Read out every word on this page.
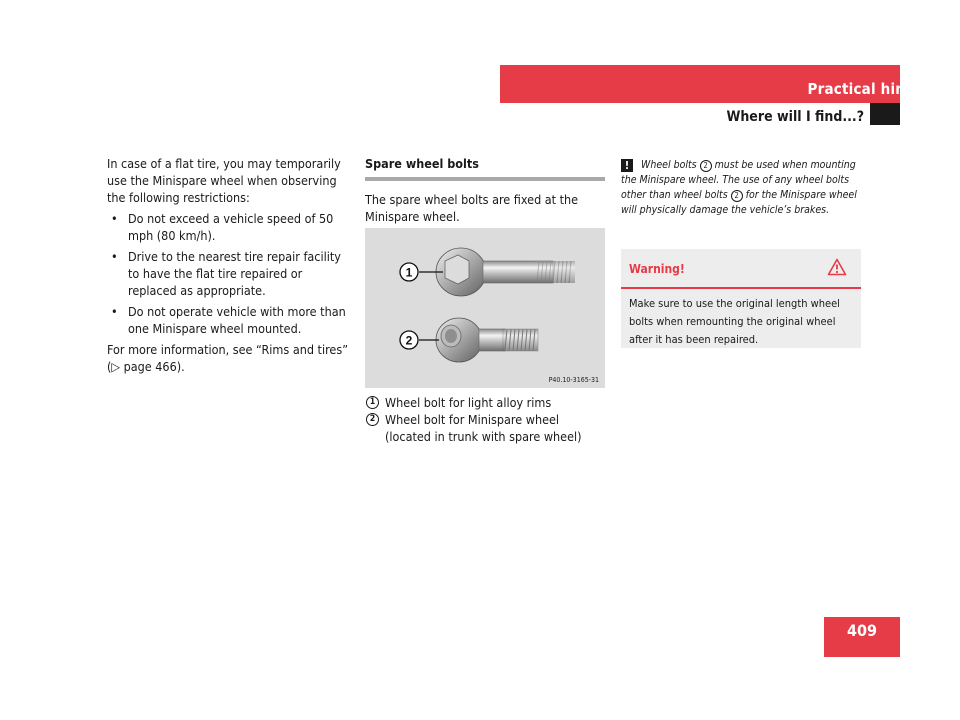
Practical hints
Where will I find...?

In case of a flat tire, you may temporarily use the Minispare wheel when observing the following restrictions:

• Do not exceed a vehicle speed of 50 mph (80 km/h).
• Drive to the nearest tire repair facility to have the flat tire repaired or replaced as appropriate.
• Do not operate vehicle with more than one Minispare wheel mounted.

For more information, see “Rims and tires” (▷ page 466).

Spare wheel bolts

The spare wheel bolts are fixed at the Minispare wheel.

1
2
P40.10-3165-31
1 Wheel bolt for light alloy rims
2 Wheel bolt for Minispare wheel (located in trunk with spare wheel)
! Wheel bolts 2 must be used when mounting the Minispare wheel. The use of any wheel bolts other than wheel bolts 2 for the Minispare wheel will physically damage the vehicle’s brakes.
Warning!
Make sure to use the original length wheel bolts when remounting the original wheel after it has been repaired.
409
